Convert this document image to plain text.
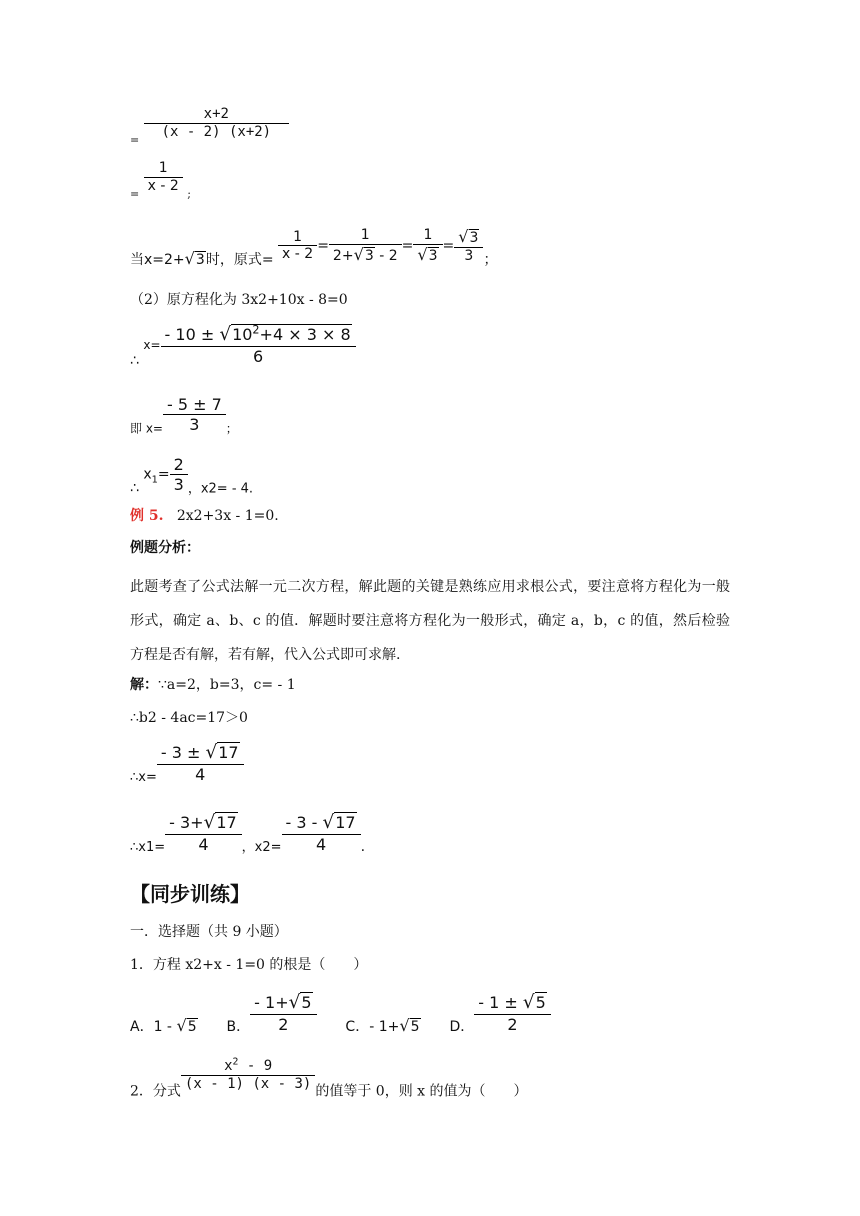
$_= \frac{x+2}{(x - 2) (x+2)}$
$_= \frac{1}{x - 2} _;$
当x=2+√3时，原式= $\frac{1}{x - 2} = \frac{1}{2+√3 - 2} = \frac{1}{√3} = \frac{√3}{3}$ ；
（2）原方程化为 3x2+10x - 8=0
∴ $x= \frac{- 10 \pm √10^2+4 \times 3 \times 8}{6}$
即 $x= \frac{- 5 \pm 7}{3}$ ；
∴ $x_1= \frac{2}{3}$ ，x2= - 4.
例 5. 2x2+3x - 1=0.
例题分析：
此题考查了公式法解一元二次方程，解此题的关键是熟练应用求根公式，要注意将方程化为一般形式，确定 a、b、c 的值．解题时要注意将方程化为一般形式，确定 a，b，c 的值，然后检验方程是否有解，若有解，代入公式即可求解.
解：∵a=2，b=3，c= - 1
∴b2 - 4ac=17＞0
∴x= $\frac{- 3 \pm √17}{4}$
∴x1= $\frac{- 3+√17}{4}$ ，$x2= \frac{- 3 - √17}{4}$ .
【同步训练】
一．选择题（共 9 小题）
1．方程 x2+x - 1=0 的根是（　　）
A．1 - √5 B． $\frac{- 1+√5}{2}$ C．- 1+√5 D． $\frac{- 1 \pm √5}{2}$
2．分式 $\frac{x^2 - 9}{(x - 1) (x - 3)}$ 的值等于 0，则 x 的值为（　　）
